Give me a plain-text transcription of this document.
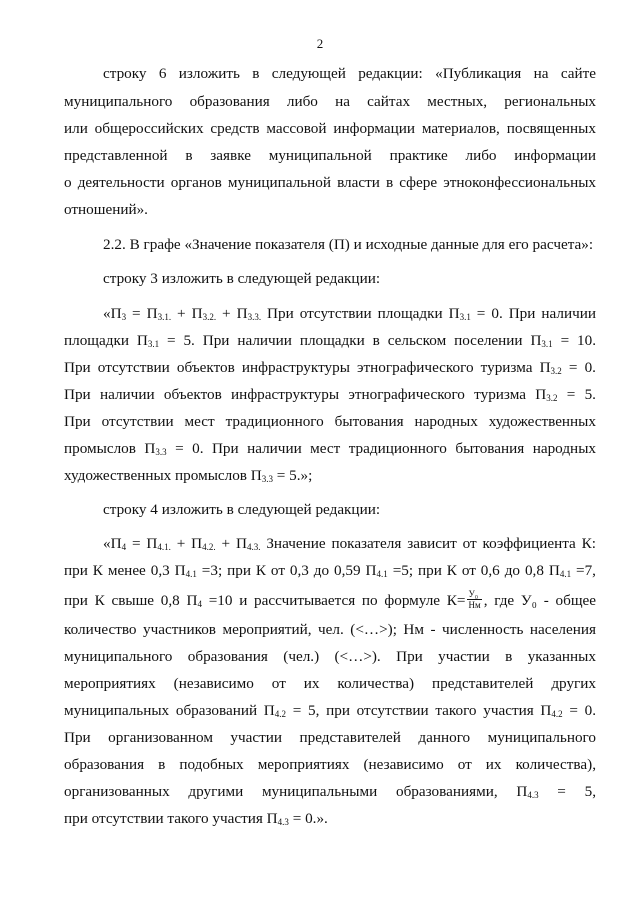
2
строку 6 изложить в следующей редакции: «Публикация на сайте
муниципального образования либо на сайтах местных, региональных
или общероссийских средств массовой информации материалов, посвященных
представленной в заявке муниципальной практике либо информации
о деятельности органов муниципальной власти в сфере этноконфессиональных
отношений».
2.2. В графе «Значение показателя (П) и исходные данные для его расчета»:
строку 3 изложить в следующей редакции:
«$П_3 = П_{3.1.} + П_{3.2.} + П_{3.3.}$ При отсутствии площадки $П_{3.1} = 0$. При наличии
площадки $П_{3.1} = 5$. При наличии площадки в сельском поселении $П_{3.1} = 10$.
При отсутствии объектов инфраструктуры этнографического туризма $П_{3.2} = 0$.
При наличии объектов инфраструктуры этнографического туризма $П_{3.2} = 5$.
При отсутствии мест традиционного бытования народных художественных
промыслов $П_{3.3} = 0$. При наличии мест традиционного бытования народных
художественных промыслов $П_{3.3} = 5$.»;
строку 4 изложить в следующей редакции:
«$П_4 = П_{4.1.} + П_{4.2.} + П_{4.3.}$ Значение показателя зависит от коэффициента К:
при К менее 0,3 $П_{4.1} =3$; при К от 0,3 до 0,59 $П_{4.1} =5$; при К от 0,6 до 0,8 $П_{4.1} =7$,
при К свыше 0,8 $П_4 =10$ и рассчитывается по формуле $К= \frac{\text{У₀}}{Нм}$ , где У₀ - общее
количество участников мероприятий, чел. (<…>); Нм - численность населения
муниципального образования (чел.) (<…>). При участии в указанных
мероприятиях (независимо от их количества) представителей других
муниципальных образований $П_{4.2} = 5$, при отсутствии такого участия $П_{4.2} = 0$.
При организованном участии представителей данного муниципального
образования в подобных мероприятиях (независимо от их количества),
организованных другими муниципальными образованиями, $П_{4.3} = 5$,
при отсутствии такого участия $П_{4.3} = 0$.».
